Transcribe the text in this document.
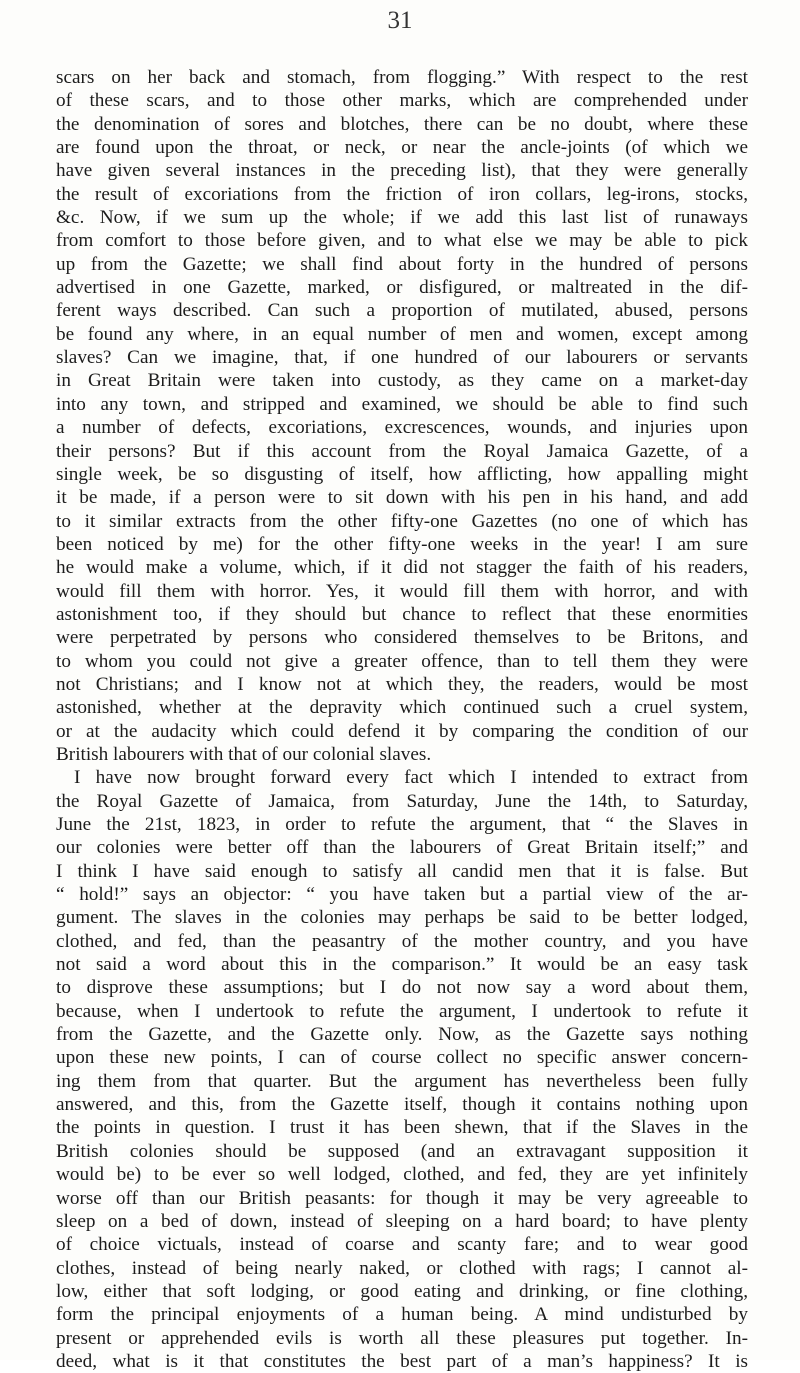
31
scars on her back and stomach, from flogging.” With respect to the rest
of these scars, and to those other marks, which are comprehended under
the denomination of sores and blotches, there can be no doubt, where these
are found upon the throat, or neck, or near the ancle-joints (of which we
have given several instances in the preceding list), that they were generally
the result of excoriations from the friction of iron collars, leg-irons, stocks,
&c. Now, if we sum up the whole; if we add this last list of runaways
from comfort to those before given, and to what else we may be able to pick
up from the Gazette; we shall find about forty in the hundred of persons
advertised in one Gazette, marked, or disfigured, or maltreated in the dif-
ferent ways described. Can such a proportion of mutilated, abused, persons
be found any where, in an equal number of men and women, except among
slaves? Can we imagine, that, if one hundred of our labourers or servants
in Great Britain were taken into custody, as they came on a market-day
into any town, and stripped and examined, we should be able to find such
a number of defects, excoriations, excrescences, wounds, and injuries upon
their persons? But if this account from the Royal Jamaica Gazette, of a
single week, be so disgusting of itself, how afflicting, how appalling might
it be made, if a person were to sit down with his pen in his hand, and add
to it similar extracts from the other fifty-one Gazettes (no one of which has
been noticed by me) for the other fifty-one weeks in the year! I am sure
he would make a volume, which, if it did not stagger the faith of his readers,
would fill them with horror. Yes, it would fill them with horror, and with
astonishment too, if they should but chance to reflect that these enormities
were perpetrated by persons who considered themselves to be Britons, and
to whom you could not give a greater offence, than to tell them they were
not Christians; and I know not at which they, the readers, would be most
astonished, whether at the depravity which continued such a cruel system,
or at the audacity which could defend it by comparing the condition of our
British labourers with that of our colonial slaves.
I have now brought forward every fact which I intended to extract from
the Royal Gazette of Jamaica, from Saturday, June the 14th, to Saturday,
June the 21st, 1823, in order to refute the argument, that “ the Slaves in
our colonies were better off than the labourers of Great Britain itself;” and
I think I have said enough to satisfy all candid men that it is false. But
“ hold!” says an objector: “ you have taken but a partial view of the ar-
gument. The slaves in the colonies may perhaps be said to be better lodged,
clothed, and fed, than the peasantry of the mother country, and you have
not said a word about this in the comparison.” It would be an easy task
to disprove these assumptions; but I do not now say a word about them,
because, when I undertook to refute the argument, I undertook to refute it
from the Gazette, and the Gazette only. Now, as the Gazette says nothing
upon these new points, I can of course collect no specific answer concern-
ing them from that quarter. But the argument has nevertheless been fully
answered, and this, from the Gazette itself, though it contains nothing upon
the points in question. I trust it has been shewn, that if the Slaves in the
British colonies should be supposed (and an extravagant supposition it
would be) to be ever so well lodged, clothed, and fed, they are yet infinitely
worse off than our British peasants: for though it may be very agreeable to
sleep on a bed of down, instead of sleeping on a hard board; to have plenty
of choice victuals, instead of coarse and scanty fare; and to wear good
clothes, instead of being nearly naked, or clothed with rags; I cannot al-
low, either that soft lodging, or good eating and drinking, or fine clothing,
form the principal enjoyments of a human being. A mind undisturbed by
present or apprehended evils is worth all these pleasures put together. In-
deed, what is it that constitutes the best part of a man’s happiness? It is
